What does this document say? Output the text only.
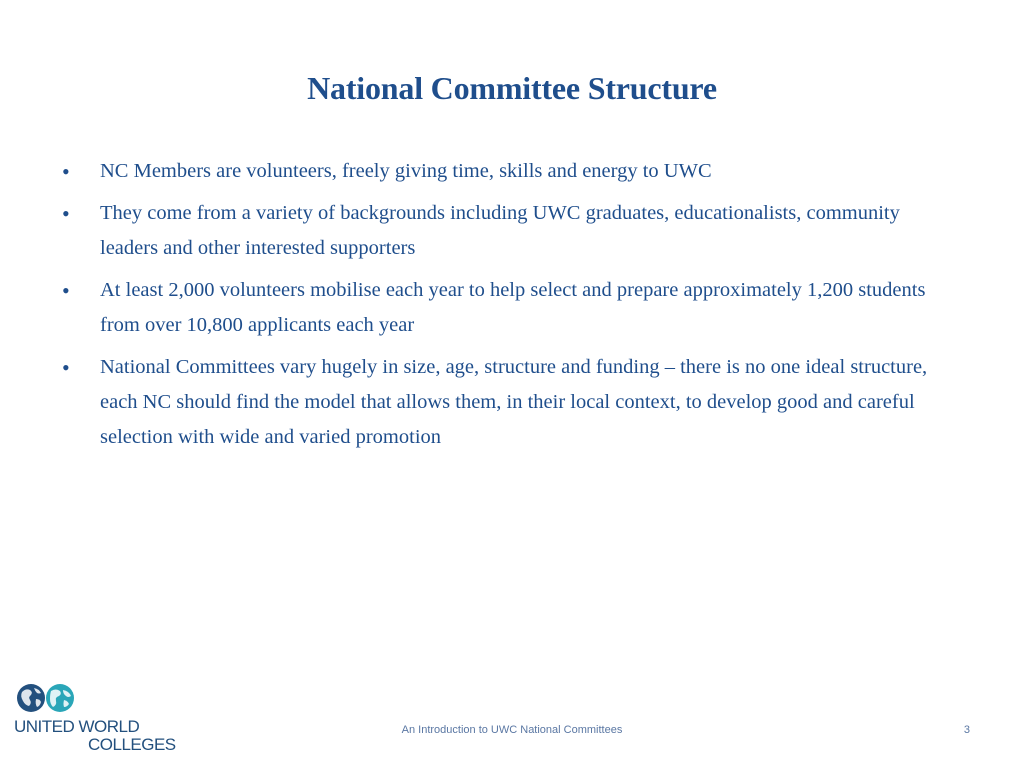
National Committee Structure
•	NC Members are volunteers, freely giving time, skills and energy to UWC
•	They come from a variety of backgrounds including UWC graduates, educationalists, community leaders and other interested supporters
•	At least 2,000 volunteers mobilise each year to help select and prepare approximately 1,200 students from over 10,800 applicants each year
•	National Committees vary hugely in size, age, structure and funding – there is no one ideal structure, each NC should find the model that allows them, in their local context, to develop good and careful selection with wide and varied promotion
UNITED WORLD
COLLEGES
An Introduction to UWC National Committees	3
